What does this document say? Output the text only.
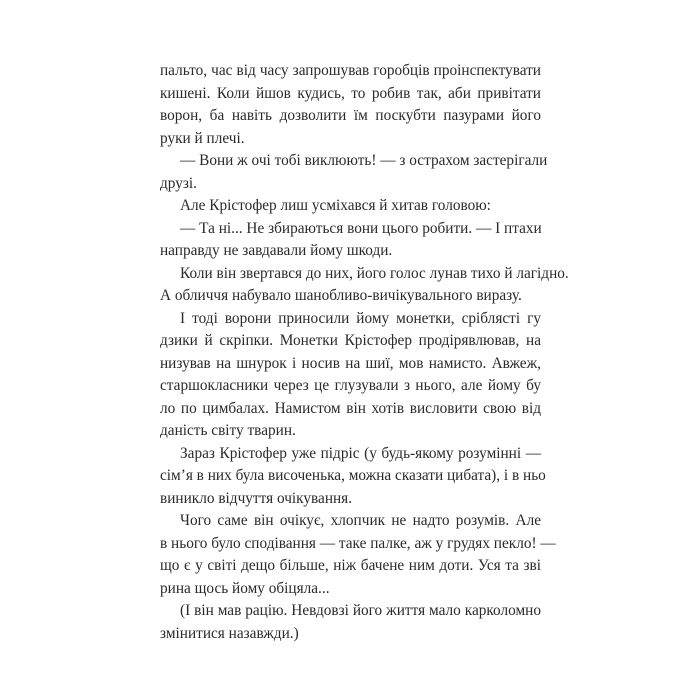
пальто, час від часу запрошував горобців проінспектувати
кишені. Коли йшов кудись, то робив так, аби привітати
ворон, ба навіть дозволити їм поскубти пазурами його
руки й плечі.
— Вони ж очі тобі виклюють! — з острахом застерігали
друзі.
Але Крістофер лиш усміхався й хитав головою:
— Та ні... Не збираються вони цього робити. — І птахи
направду не завдавали йому шкоди.
Коли він звертався до них, його голос лунав тихо й лагідно.
А обличчя набувало шанобливо-вичікувального виразу.
І тоді ворони приносили йому монетки, сріблясті гу
дзики й скріпки. Монетки Крістофер продірявлював, на
низував на шнурок і носив на шиї, мов намисто. Авжеж,
старшокласники через це глузували з нього, але йому бу
ло по цимбалах. Намистом він хотів висловити свою від
даність світу тварин.
Зараз Крістофер уже підріс (у будь-якому розумінні —
сім’я в них була височенька, можна сказати цибата), і в ньо
виникло відчуття очікування.
Чого саме він очікує, хлопчик не надто розумів. Але
в нього було сподівання — таке палке, аж у грудях пекло! —
що є у світі дещо більше, ніж бачене ним доти. Уся та зві
рина щось йому обіцяла...
(І він мав рацію. Невдовзі його життя мало карколомно
змінитися назавжди.)
